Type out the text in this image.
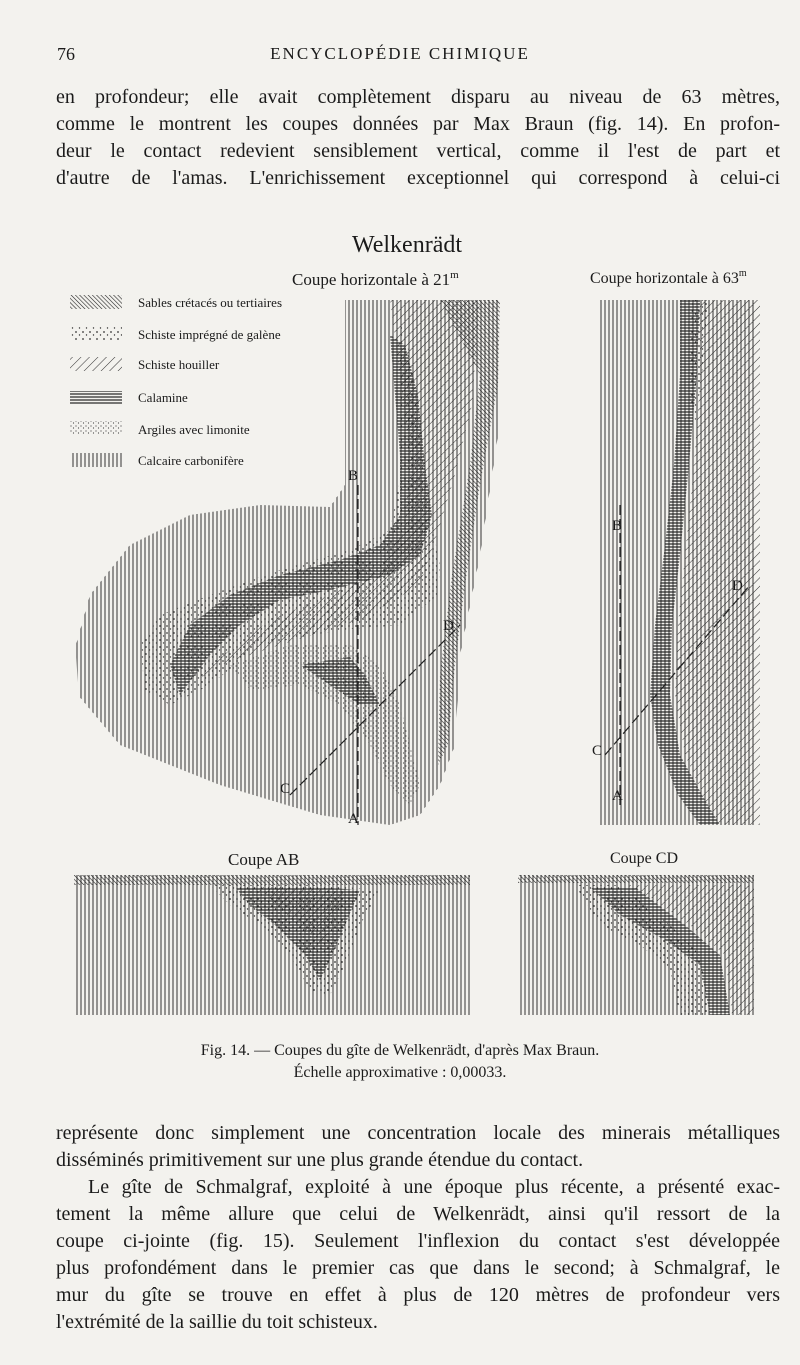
76	ENCYCLOPÉDIE CHIMIQUE

en profondeur; elle avait complètement disparu au niveau de 63 mètres,
comme le montrent les coupes données par Max Braun (fig. 14). En profon-
deur le contact redevient sensiblement vertical, comme il l'est de part et
d'autre de l'amas. L'enrichissement exceptionnel qui correspond à celui-ci

Welkenrädt
Coupe horizontale à 21$^m$	Coupe horizontale à 63$^m$
Sables crétacés ou tertiaires
Schiste imprégné de galène
Schiste houiller
Calamine
Argiles avec limonite
Calcaire carbonifère
A
B
C
D
A
B
C
D
Coupe AB	Coupe CD
Fig. 14. — Coupes du gîte de Welkenrädt, d'après Max Braun.
Échelle approximative : 0,00033.

représente donc simplement une concentration locale des minerais métalliques
disséminés primitivement sur une plus grande étendue du contact.
Le gîte de Schmalgraf, exploité à une époque plus récente, a présenté exac-
tement la même allure que celui de Welkenrädt, ainsi qu'il ressort de la
coupe ci-jointe (fig. 15). Seulement l'inflexion du contact s'est développée
plus profondément dans le premier cas que dans le second; à Schmalgraf, le
mur du gîte se trouve en effet à plus de 120 mètres de profondeur vers
l'extrémité de la saillie du toit schisteux.
